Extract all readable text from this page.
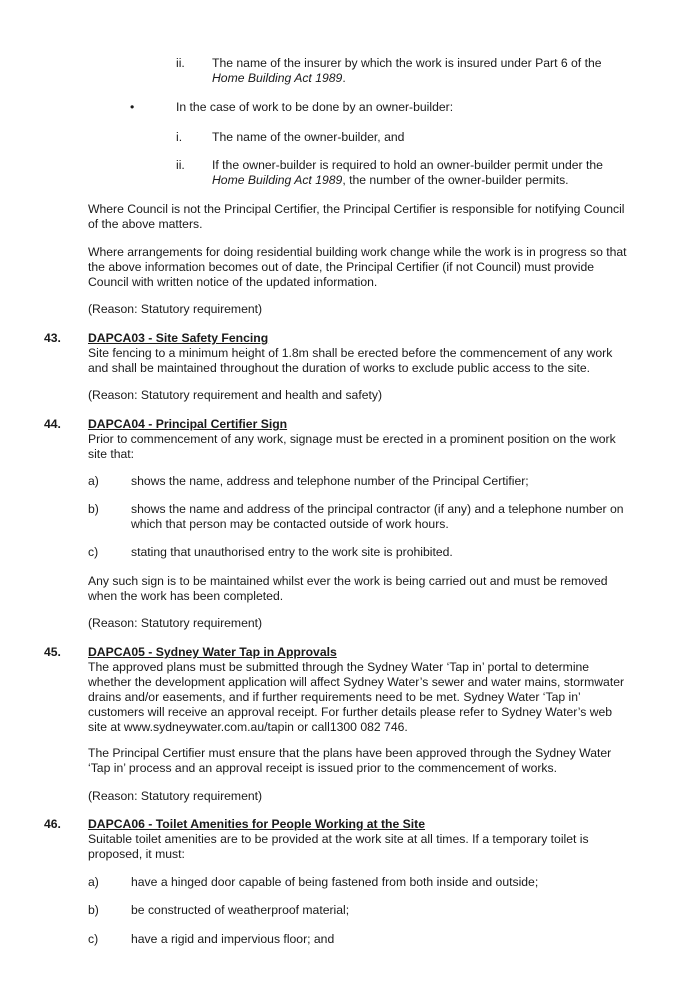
ii. The name of the insurer by which the work is insured under Part 6 of the
Home Building Act 1989.
•	In the case of work to be done by an owner-builder:
i. The name of the owner-builder, and
ii. If the owner-builder is required to hold an owner-builder permit under the
Home Building Act 1989, the number of the owner-builder permits.
Where Council is not the Principal Certifier, the Principal Certifier is responsible for notifying Council
of the above matters.
Where arrangements for doing residential building work change while the work is in progress so that
the above information becomes out of date, the Principal Certifier (if not Council) must provide
Council with written notice of the updated information.
(Reason: Statutory requirement)
43. DAPCA03 - Site Safety Fencing
Site fencing to a minimum height of 1.8m shall be erected before the commencement of any work
and shall be maintained throughout the duration of works to exclude public access to the site.
(Reason: Statutory requirement and health and safety)
44. DAPCA04 - Principal Certifier Sign
Prior to commencement of any work, signage must be erected in a prominent position on the work
site that:
a)	shows the name, address and telephone number of the Principal Certifier;
b)	shows the name and address of the principal contractor (if any) and a telephone number on
which that person may be contacted outside of work hours.
c)	stating that unauthorised entry to the work site is prohibited.
Any such sign is to be maintained whilst ever the work is being carried out and must be removed
when the work has been completed.
(Reason: Statutory requirement)
45. DAPCA05 - Sydney Water Tap in Approvals
The approved plans must be submitted through the Sydney Water ‘Tap in’ portal to determine
whether the development application will affect Sydney Water’s sewer and water mains, stormwater
drains and/or easements, and if further requirements need to be met. Sydney Water ‘Tap in’
customers will receive an approval receipt. For further details please refer to Sydney Water’s web
site at www.sydneywater.com.au/tapin or call1300 082 746.
The Principal Certifier must ensure that the plans have been approved through the Sydney Water
‘Tap in’ process and an approval receipt is issued prior to the commencement of works.
(Reason: Statutory requirement)
46. DAPCA06 - Toilet Amenities for People Working at the Site
Suitable toilet amenities are to be provided at the work site at all times. If a temporary toilet is
proposed, it must:
a)	have a hinged door capable of being fastened from both inside and outside;
b)	be constructed of weatherproof material;
c)	have a rigid and impervious floor; and
